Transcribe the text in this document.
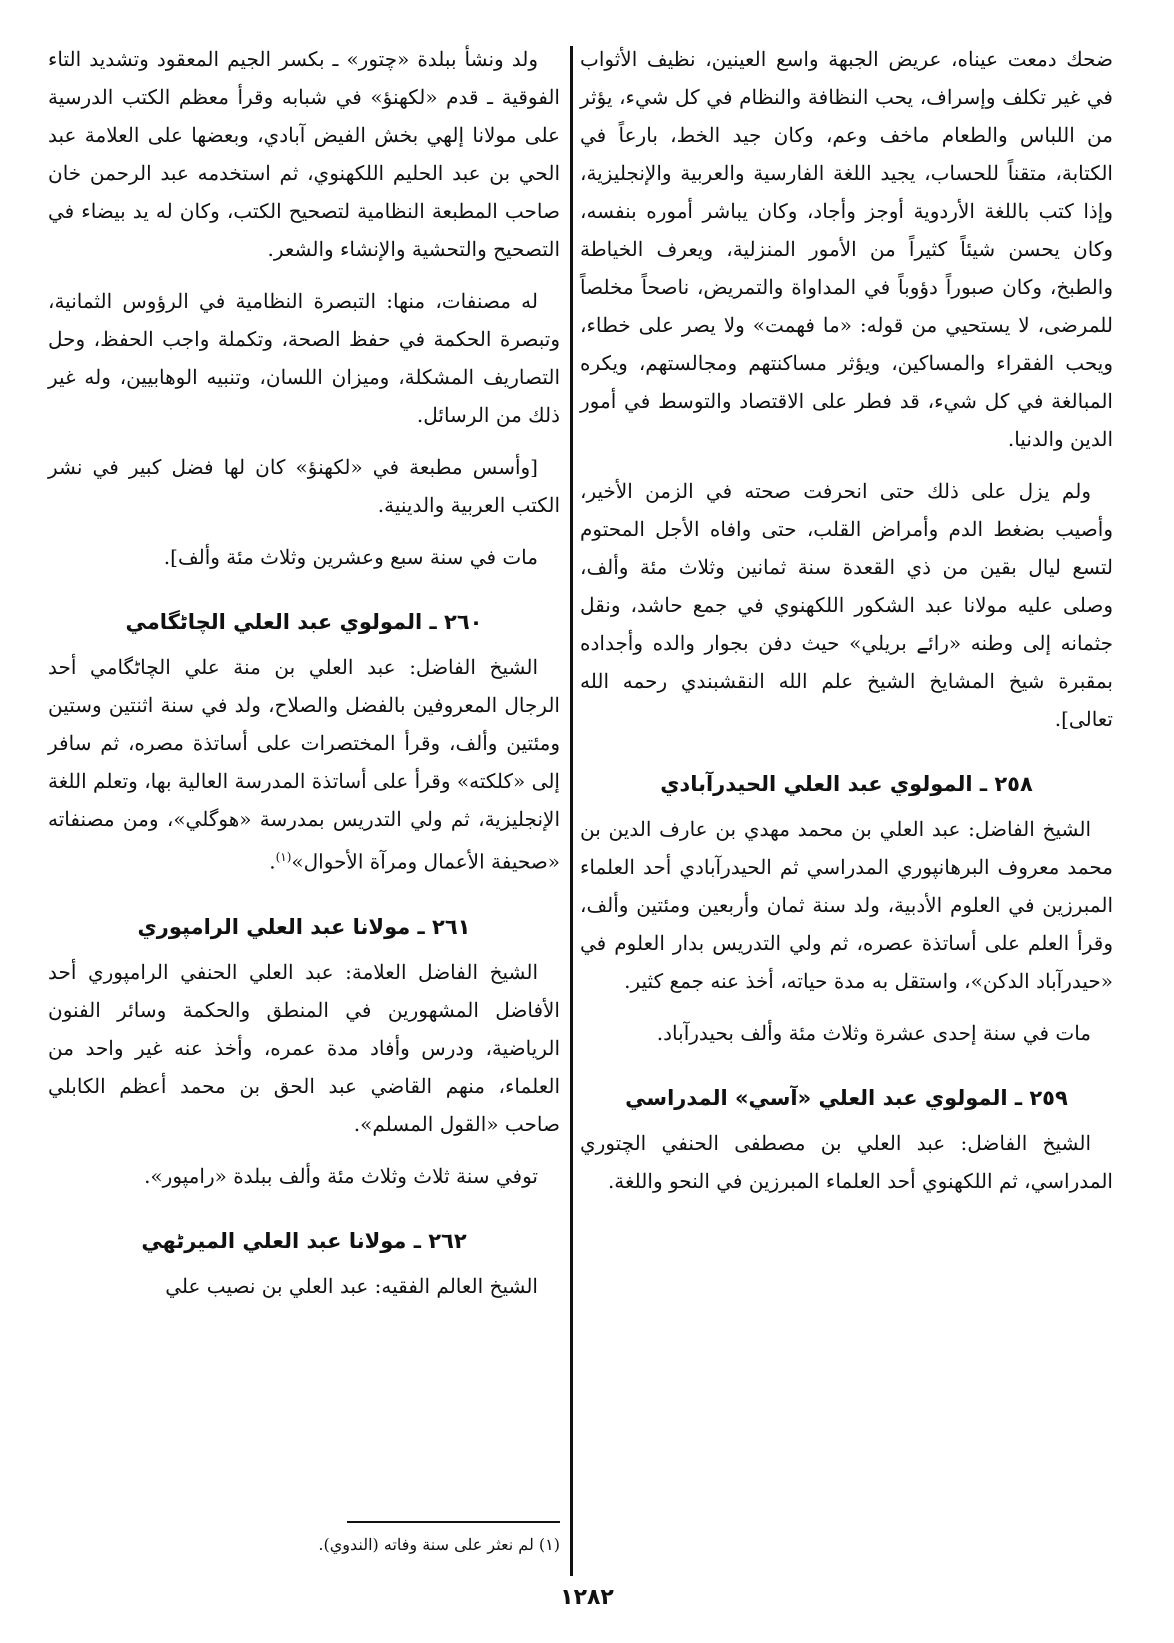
ضحك دمعت عيناه، عريض الجبهة واسع العينين، نظيف الأثواب في غير تكلف وإسراف، يحب النظافة والنظام في كل شيء، يؤثر من اللباس والطعام ماخف وعم، وكان جيد الخط، بارعاً في الكتابة، متقناً للحساب، يجيد اللغة الفارسية والعربية والإنجليزية، وإذا كتب باللغة الأردوية أوجز وأجاد، وكان يباشر أموره بنفسه، وكان يحسن شيئاً كثيراً من الأمور المنزلية، ويعرف الخياطة والطبخ، وكان صبوراً دؤوباً في المداواة والتمريض، ناصحاً مخلصاً للمرضى، لا يستحيي من قوله: «ما فهمت» ولا يصر على خطاء، ويحب الفقراء والمساكين، ويؤثر مساكنتهم ومجالستهم، ويكره المبالغة في كل شيء، قد فطر على الاقتصاد والتوسط في أمور الدين والدنيا.

ولم يزل على ذلك حتى انحرفت صحته في الزمن الأخير، وأصيب بضغط الدم وأمراض القلب، حتى وافاه الأجل المحتوم لتسع ليال بقين من ذي القعدة سنة ثمانين وثلاث مئة وألف، وصلى عليه مولانا عبد الشكور اللكهنوي في جمع حاشد، ونقل جثمانه إلى وطنه «رائے بريلي» حيث دفن بجوار والده وأجداده بمقبرة شيخ المشايخ الشيخ علم الله النقشبندي رحمه الله تعالى].

٢٥٨ ـ المولوي عبد العلي الحيدرآبادي

الشيخ الفاضل: عبد العلي بن محمد مهدي بن عارف الدين بن محمد معروف البرهانپوري المدراسي ثم الحيدرآبادي أحد العلماء المبرزين في العلوم الأدبية، ولد سنة ثمان وأربعين ومئتين وألف، وقرأ العلم على أساتذة عصره، ثم ولي التدريس بدار العلوم في «حيدرآباد الدكن»، واستقل به مدة حياته، أخذ عنه جمع كثير.

مات في سنة إحدى عشرة وثلاث مئة وألف بحيدرآباد.

٢٥٩ ـ المولوي عبد العلي «آسي» المدراسي

الشيخ الفاضل: عبد العلي بن مصطفى الحنفي الچتوري المدراسي، ثم اللكهنوي أحد العلماء المبرزين في النحو واللغة.

ولد ونشأ ببلدة «چتور» ـ بكسر الجيم المعقود وتشديد التاء الفوقية ـ قدم «لكهنؤ» في شبابه وقرأ معظم الكتب الدرسية على مولانا إلهي بخش الفيض آبادي، وبعضها على العلامة عبد الحي بن عبد الحليم اللكهنوي، ثم استخدمه عبد الرحمن خان صاحب المطبعة النظامية لتصحيح الكتب، وكان له يد بيضاء في التصحيح والتحشية والإنشاء والشعر.

له مصنفات، منها: التبصرة النظامية في الرؤوس الثمانية، وتبصرة الحكمة في حفظ الصحة، وتكملة واجب الحفظ، وحل التصاريف المشكلة، وميزان اللسان، وتنبيه الوهابيين، وله غير ذلك من الرسائل.

[وأسس مطبعة في «لكهنؤ» كان لها فضل كبير في نشر الكتب العربية والدينية.

مات في سنة سبع وعشرين وثلاث مئة وألف].

٢٦٠ ـ المولوي عبد العلي الچاٹگامي

الشيخ الفاضل: عبد العلي بن منة علي الچاٹگامي أحد الرجال المعروفين بالفضل والصلاح، ولد في سنة اثنتين وستين ومئتين وألف، وقرأ المختصرات على أساتذة مصره، ثم سافر إلى «كلكته» وقرأ على أساتذة المدرسة العالية بها، وتعلم اللغة الإنجليزية، ثم ولي التدريس بمدرسة «هوگلي»، ومن مصنفاته «صحيفة الأعمال ومرآة الأحوال»$^{(١)}$.

٢٦١ ـ مولانا عبد العلي الرامپوري

الشيخ الفاضل العلامة: عبد العلي الحنفي الرامپوري أحد الأفاضل المشهورين في المنطق والحكمة وسائر الفنون الرياضية، ودرس وأفاد مدة عمره، وأخذ عنه غير واحد من العلماء، منهم القاضي عبد الحق بن محمد أعظم الكابلي صاحب «القول المسلم».

توفي سنة ثلاث وثلاث مئة وألف ببلدة «رامپور».

٢٦٢ ـ مولانا عبد العلي الميرٹهي

الشيخ العالم الفقيه: عبد العلي بن نصيب علي

(١) لم نعثر على سنة وفاته (الندوي).
١٢٨٢
